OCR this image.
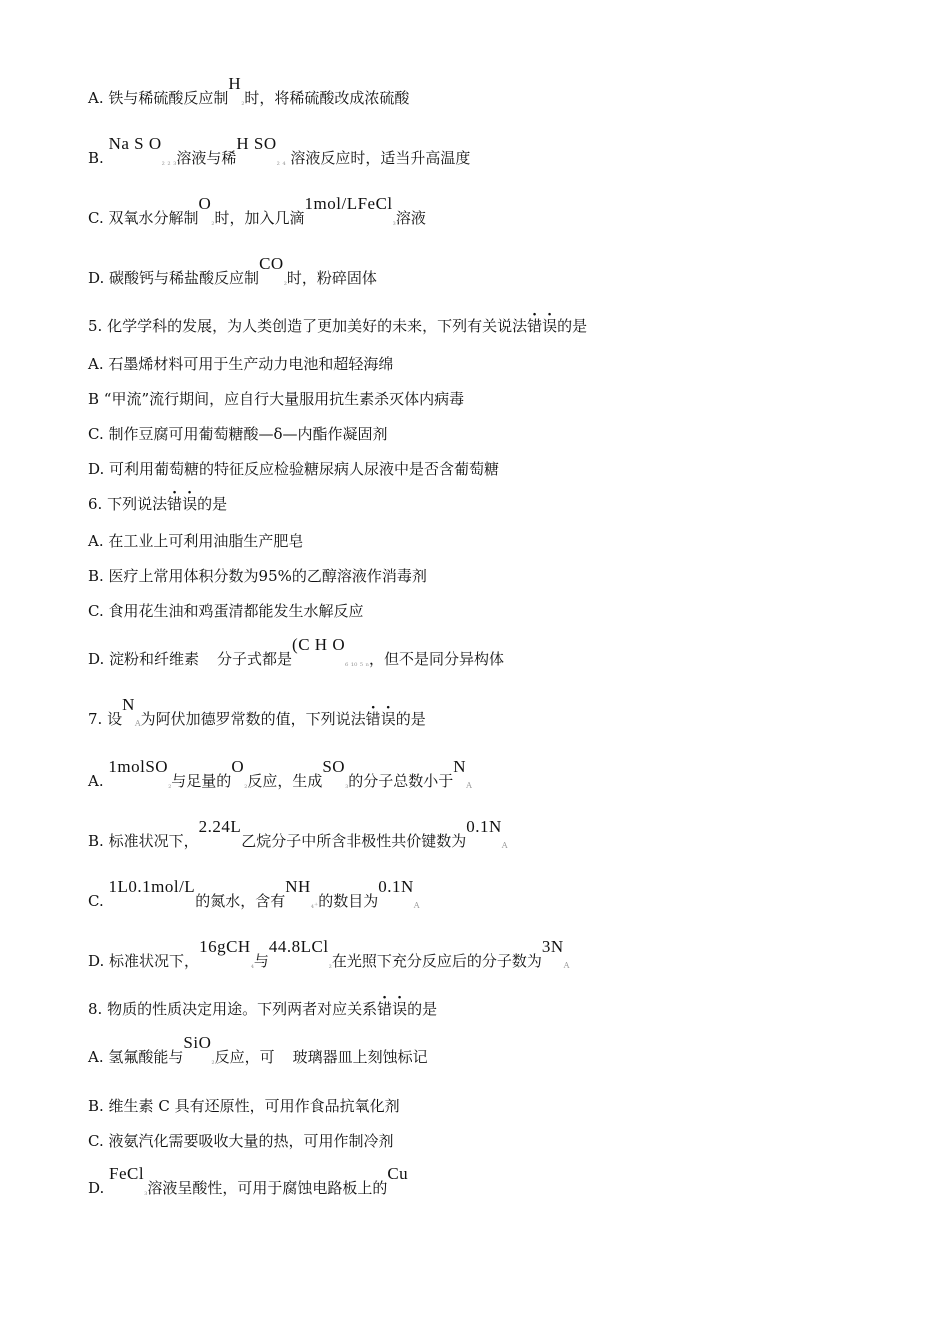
A. 铁与稀硫酸反应制$H_{_2}$时，将稀硫酸改成浓硫酸
B. Na S $O_{_2 _2 _3}$溶液与稀H $SO_{_2 _4}$ 溶液反应时，适当升高温度
C. 双氧水分解制$O_{_2}$时，加入几滴1mol/LFeCl$_{_3}$溶液
D. 碳酸钙与稀盐酸反应制$CO_{_2}$时，粉碎固体
5. 化学学科的发展，为人类创造了更加美好的未来，下列有关说法错误的是
A. 石墨烯材料可用于生产动力电池和超轻海绵
B “甲流”流行期间，应自行大量服用抗生素杀灭体内病毒
C. 制作豆腐可用葡萄糖酸—δ—内酯作凝固剂
D. 可利用葡萄糖的特征反应检验糖尿病人尿液中是否含葡萄糖
6. 下列说法错误的是
A. 在工业上可利用油脂生产肥皂
B. 医疗上常用体积分数为95%的乙醇溶液作消毒剂
C. 食用花生油和鸡蛋清都能发生水解反应
D. 淀粉和纤维素 分子式都是(C H $O_{_6 _{10} _5 _n}$，但不是同分异构体
7. 设$N_A$为阿伏加德罗常数的值，下列说法错误的是
A. 1molSO$_{_2}$与足量的$O_{_2}$反应，生成$SO_{_3}$的分子总数小于$N_A$
B. 标准状况下，2.24L乙烷分子中所含非极性共价键数为$0.1N_A$
C. 1L0.1mol/L的氮水，含有$NH_{_4^+}$的数目为$0.1N_A$
D. 标准状况下，16gCH$_{_4}$与44.8LCl$_{_2}$在光照下充分反应后的分子数为$3N_A$
8. 物质的性质决定用途。下列两者对应关系错误的是
A. 氢氟酸能与SiO$_{_2}$反应，可 玻璃器皿上刻蚀标记
B. 维生素 C 具有还原性，可用作食品抗氧化剂
C. 液氨汽化需要吸收大量的热，可用作制冷剂
D. FeCl$_{_3}$溶液呈酸性，可用于腐蚀电路板上的Cu
